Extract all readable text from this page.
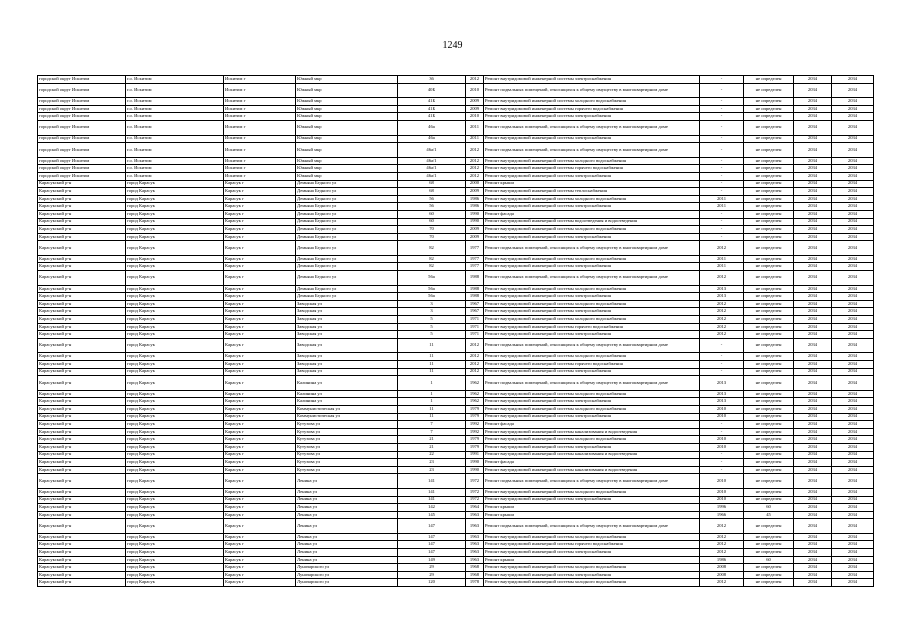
1249
городской округ Искитим	г.о. Искитим	Искитим г	Южный мкр	36	2012	Ремонт внутридомовой инженерной системы электроснабжения	-	не определен	2034	2034
городской округ Искитим	г.о. Искитим	Искитим г	Южный мкр	40Б	2010	Ремонт подвальных помещений, относящихся к общему имуществу в многоквартирном доме	-	не определен	2034	2034
городской округ Искитим	г.о. Искитим	Искитим г	Южный мкр	41Б	2009	Ремонт внутридомовой инженерной системы холодного водоснабжения	-	не определен	2034	2034
городской округ Искитим	г.о. Искитим	Искитим г	Южный мкр	41Б	2009	Ремонт внутридомовой инженерной системы горячего водоснабжения	-	не определен	2034	2034
городской округ Искитим	г.о. Искитим	Искитим г	Южный мкр	41Б	2010	Ремонт внутридомовой инженерной системы электроснабжения	-	не определен	2034	2034
городской округ Искитим	г.о. Искитим	Искитим г	Южный мкр	46а	2011	Ремонт подвальных помещений, относящихся к общему имуществу в многоквартирном доме	-	не определен	2034	2034
городской округ Искитим	г.о. Искитим	Искитим г	Южный мкр	46а	2011	Ремонт внутридомовой инженерной системы электроснабжения	-	не определен	2034	2034
городской округ Искитим	г.о. Искитим	Искитим г	Южный мкр	46а/1	2012	Ремонт подвальных помещений, относящихся к общему имуществу в многоквартирном доме	-	не определен	2034	2034
городской округ Искитим	г.о. Искитим	Искитим г	Южный мкр	46а/1	2012	Ремонт внутридомовой инженерной системы холодного водоснабжения	-	не определен	2034	2034
городской округ Искитим	г.о. Искитим	Искитим г	Южный мкр	46а/1	2012	Ремонт внутридомовой инженерной системы горячего водоснабжения	-	не определен	2034	2034
городской округ Искитим	г.о. Искитим	Искитим г	Южный мкр	46а/1	2012	Ремонт внутридомовой инженерной системы электроснабжения	-	не определен	2034	2034
Карасукский р-н	город Карасук	Карасук г	Демьяна Бедного ул	68	2000	Ремонт крыши	-	не определен	2034	2034
Карасукский р-н	город Карасук	Карасук г	Демьяна Бедного ул	68	2009	Ремонт внутридомовой инженерной системы теплоснабжения	-	не определен	2034	2034
Карасукский р-н	город Карасук	Карасук г	Демьяна Бедного ул	56	1986	Ремонт внутридомовой инженерной системы холодного водоснабжения	2011	не определен	2034	2034
Карасукский р-н	город Карасук	Карасук г	Демьяна Бедного ул	56	1986	Ремонт внутридомовой инженерной системы электроснабжения	2011	не определен	2034	2034
Карасукский р-н	город Карасук	Карасук г	Демьяна Бедного ул	60	1990	Ремонт фасада	-	не определен	2034	2034
Карасукский р-н	город Карасук	Карасук г	Демьяна Бедного ул	60	1990	Ремонт внутридомовой инженерной системы водоотведения и водоотведения	-	не определен	2034	2034
Карасукский р-н	город Карасук	Карасук г	Демьяна Бедного ул	70	2009	Ремонт внутридомовой инженерной системы холодного водоснабжения	-	не определен	2034	2034
Карасукский р-н	город Карасук	Карасук г	Демьяна Бедного ул	70	2009	Ремонт внутридомовой инженерной системы электроснабжения	-	не определен	2034	2034
Карасукский р-н	город Карасук	Карасук г	Демьяна Бедного ул	82	1977	Ремонт подвальных помещений, относящихся к общему имуществу в многоквартирном доме	2012	не определен	2034	2034
Карасукский р-н	город Карасук	Карасук г	Демьяна Бедного ул	82	1977	Ремонт внутридомовой инженерной системы холодного водоснабжения	2011	не определен	2034	2034
Карасукский р-н	город Карасук	Карасук г	Демьяна Бедного ул	82	1977	Ремонт внутридомовой инженерной системы электроснабжения	2011	не определен	2034	2034
Карасукский р-н	город Карасук	Карасук г	Демьяна Бедного ул	56а	1988	Ремонт подвальных помещений, относящихся к общему имуществу в многоквартирном доме	2012	не определен	2034	2034
Карасукский р-н	город Карасук	Карасук г	Демьяна Бедного ул	56а	1988	Ремонт внутридомовой инженерной системы холодного водоснабжения	2013	не определен	2034	2034
Карасукский р-н	город Карасук	Карасук г	Демьяна Бедного ул	56а	1988	Ремонт внутридомовой инженерной системы электроснабжения	2013	не определен	2034	2034
Карасукский р-н	город Карасук	Карасук г	Заводская ул	3	1967	Ремонт внутридомовой инженерной системы холодного водоснабжения	2012	не определен	2034	2034
Карасукский р-н	город Карасук	Карасук г	Заводская ул	3	1967	Ремонт внутридомовой инженерной системы электроснабжения	2012	не определен	2034	2034
Карасукский р-н	город Карасук	Карасук г	Заводская ул	5	1971	Ремонт внутридомовой инженерной системы холодного водоснабжения	2012	не определен	2034	2034
Карасукский р-н	город Карасук	Карасук г	Заводская ул	5	1971	Ремонт внутридомовой инженерной системы горячего водоснабжения	2012	не определен	2034	2034
Карасукский р-н	город Карасук	Карасук г	Заводская ул	5	1971	Ремонт внутридомовой инженерной системы электроснабжения	2012	не определен	2034	2034
Карасукский р-н	город Карасук	Карасук г	Заводская ул	11	2012	Ремонт подвальных помещений, относящихся к общему имуществу в многоквартирном доме	-	не определен	2034	2034
Карасукский р-н	город Карасук	Карасук г	Заводская ул	11	2012	Ремонт внутридомовой инженерной системы холодного водоснабжения	-	не определен	2034	2034
Карасукский р-н	город Карасук	Карасук г	Заводская ул	11	2012	Ремонт внутридомовой инженерной системы горячего водоснабжения	-	не определен	2034	2034
Карасукский р-н	город Карасук	Карасук г	Заводская ул	11	2012	Ремонт внутридомовой инженерной системы электроснабжения	-	не определен	2034	2034
Карасукский р-н	город Карасук	Карасук г	Калинина ул	1	1962	Ремонт подвальных помещений, относящихся к общему имуществу в многоквартирном доме	2013	не определен	2034	2034
Карасукский р-н	город Карасук	Карасук г	Калинина ул	1	1962	Ремонт внутридомовой инженерной системы холодного водоснабжения	2013	не определен	2034	2034
Карасукский р-н	город Карасук	Карасук г	Калинина ул	1	1962	Ремонт внутридомовой инженерной системы электроснабжения	2013	не определен	2034	2034
Карасукский р-н	город Карасук	Карасук г	Коммунистическая ул	11	1979	Ремонт внутридомовой инженерной системы холодного водоснабжения	2010	не определен	2034	2034
Карасукский р-н	город Карасук	Карасук г	Коммунистическая ул	11	1979	Ремонт внутридомовой инженерной системы электроснабжения	2010	не определен	2034	2034
Карасукский р-н	город Карасук	Карасук г	Кутузова ул	7	1992	Ремонт фасада	-	не определен	2034	2034
Карасукский р-н	город Карасук	Карасук г	Кутузова ул	7	1992	Ремонт внутридомовой инженерной системы канализования и водоотведения	-	не определен	2034	2034
Карасукский р-н	город Карасук	Карасук г	Кутузова ул	21	1979	Ремонт внутридомовой инженерной системы холодного водоснабжения	2010	не определен	2034	2034
Карасукский р-н	город Карасук	Карасук г	Кутузова ул	21	1979	Ремонт внутридомовой инженерной системы электроснабжения	2010	не определен	2034	2034
Карасукский р-н	город Карасук	Карасук г	Кутузова ул	22	1991	Ремонт внутридомовой инженерной системы канализования и водоотведения	-	не определен	2034	2034
Карасукский р-н	город Карасук	Карасук г	Кутузова ул	23	1990	Ремонт фасада	-	не определен	2034	2034
Карасукский р-н	город Карасук	Карасук г	Кутузова ул	23	1990	Ремонт внутридомовой инженерной системы канализования и водоотведения	-	не определен	2034	2034
Карасукский р-н	город Карасук	Карасук г	Ленина ул	141	1972	Ремонт подвальных помещений, относящихся к общему имуществу в многоквартирном доме	2010	не определен	2034	2034
Карасукский р-н	город Карасук	Карасук г	Ленина ул	141	1972	Ремонт внутридомовой инженерной системы холодного водоснабжения	2010	не определен	2034	2034
Карасукский р-н	город Карасук	Карасук г	Ленина ул	141	1972	Ремонт внутридомовой инженерной системы электроснабжения	2010	не определен	2034	2034
Карасукский р-н	город Карасук	Карасук г	Ленина ул	142	1964	Ремонт крыши	1996	60	2034	2034
Карасукский р-н	город Карасук	Карасук г	Ленина ул	145	1963	Ремонт крыши	1966	45	2034	2034
Карасукский р-н	город Карасук	Карасук г	Ленина ул	147	1963	Ремонт подвальных помещений, относящихся к общему имуществу в многоквартирном доме	2012	не определен	2034	2034
Карасукский р-н	город Карасук	Карасук г	Ленина ул	147	1963	Ремонт внутридомовой инженерной системы холодного водоснабжения	2012	не определен	2034	2034
Карасукский р-н	город Карасук	Карасук г	Ленина ул	147	1963	Ремонт внутридомовой инженерной системы горячего водоснабжения	2012	не определен	2034	2034
Карасукский р-н	город Карасук	Карасук г	Ленина ул	147	1963	Ремонт внутридомовой инженерной системы электроснабжения	2012	не определен	2034	2034
Карасукский р-н	город Карасук	Карасук г	Ленина ул	149	1963	Ремонт крыши	1986	60	2034	2034
Карасукский р-н	город Карасук	Карасук г	Луначарского ул	29	1968	Ремонт внутридомовой инженерной системы холодного водоснабжения	2008	не определен	2034	2034
Карасукский р-н	город Карасук	Карасук г	Луначарского ул	29	1968	Ремонт внутридомовой инженерной системы электроснабжения	2008	не определен	2034	2034
Карасукский р-н	город Карасук	Карасук г	Луначарского ул	120	1978	Ремонт внутридомовой инженерной системы холодного водоснабжения	2012	не определен	2034	2034
